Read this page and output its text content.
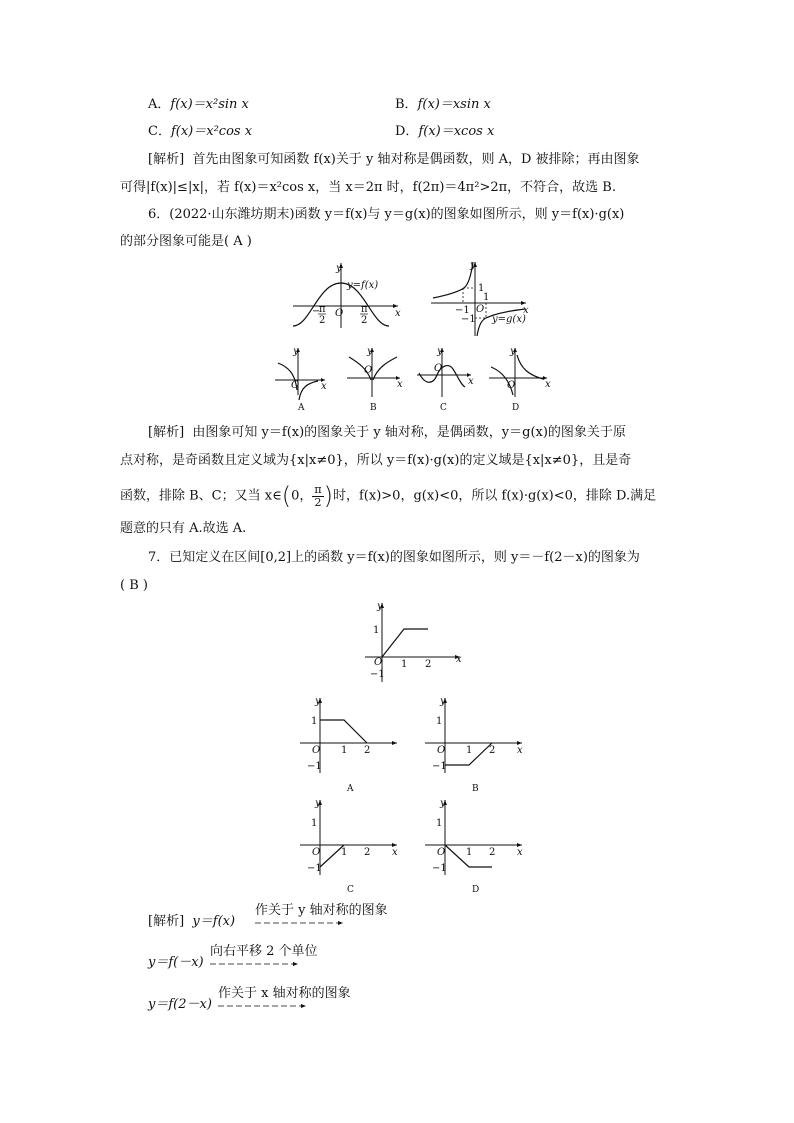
A．f(x)＝x²sin x	B．f(x)＝xsin x
C．f(x)＝x²cos x	D．f(x)＝xcos x
[解析] 首先由图象可知函数 f(x)关于 y 轴对称是偶函数，则 A，D 被排除；再由图象
可得|f(x)|≤|x|，若 f(x)＝x²cos x，当 x＝2π 时，f(2π)＝4π²>2π，不符合，故选 B.
6．(2022·山东潍坊期末)函数 y＝f(x)与 y＝g(x)的图象如图所示，则 y＝f(x)·g(x)
的部分图象可能是( A )
y
x
O
y=f(x)
−
π
2
π
2
y
x
O
1
1
−1
−1 y=g(x)
y
O x
A
y
O
x
B
y
O
x
C
y
O	x
D
[解析] 由图象可知 y＝f(x)的图象关于 y 轴对称，是偶函数，y＝g(x)的图象关于原
点对称，是奇函数且定义域为{x|x≠0}，所以 y＝f(x)·g(x)的定义域是{x|x≠0}，且是奇
函数，排除 B、C；又当 x∈(0， $\frac{\pi}{2}$ )时，f(x)>0，g(x)<0，所以 f(x)·g(x)<0，排除 D.满足
题意的只有 A.故选 A.
7．已知定义在区间[0,2]上的函数 y＝f(x)的图象如图所示，则 y＝－f(2－x)的图象为
( B )
y
x
O
1
−1
1 2
y
O
1
−1
1 2
A
y
O
1
−1
1 2 x
B
y
O
1
−1
1 2 x
C
y
O
1
−1
1 2 x
D
[解析] y＝f(x)
作关于 y 轴对称的图象
y＝f(－x)
向右平移 2 个单位
y＝f(2－x)
作关于 x 轴对称的图象
